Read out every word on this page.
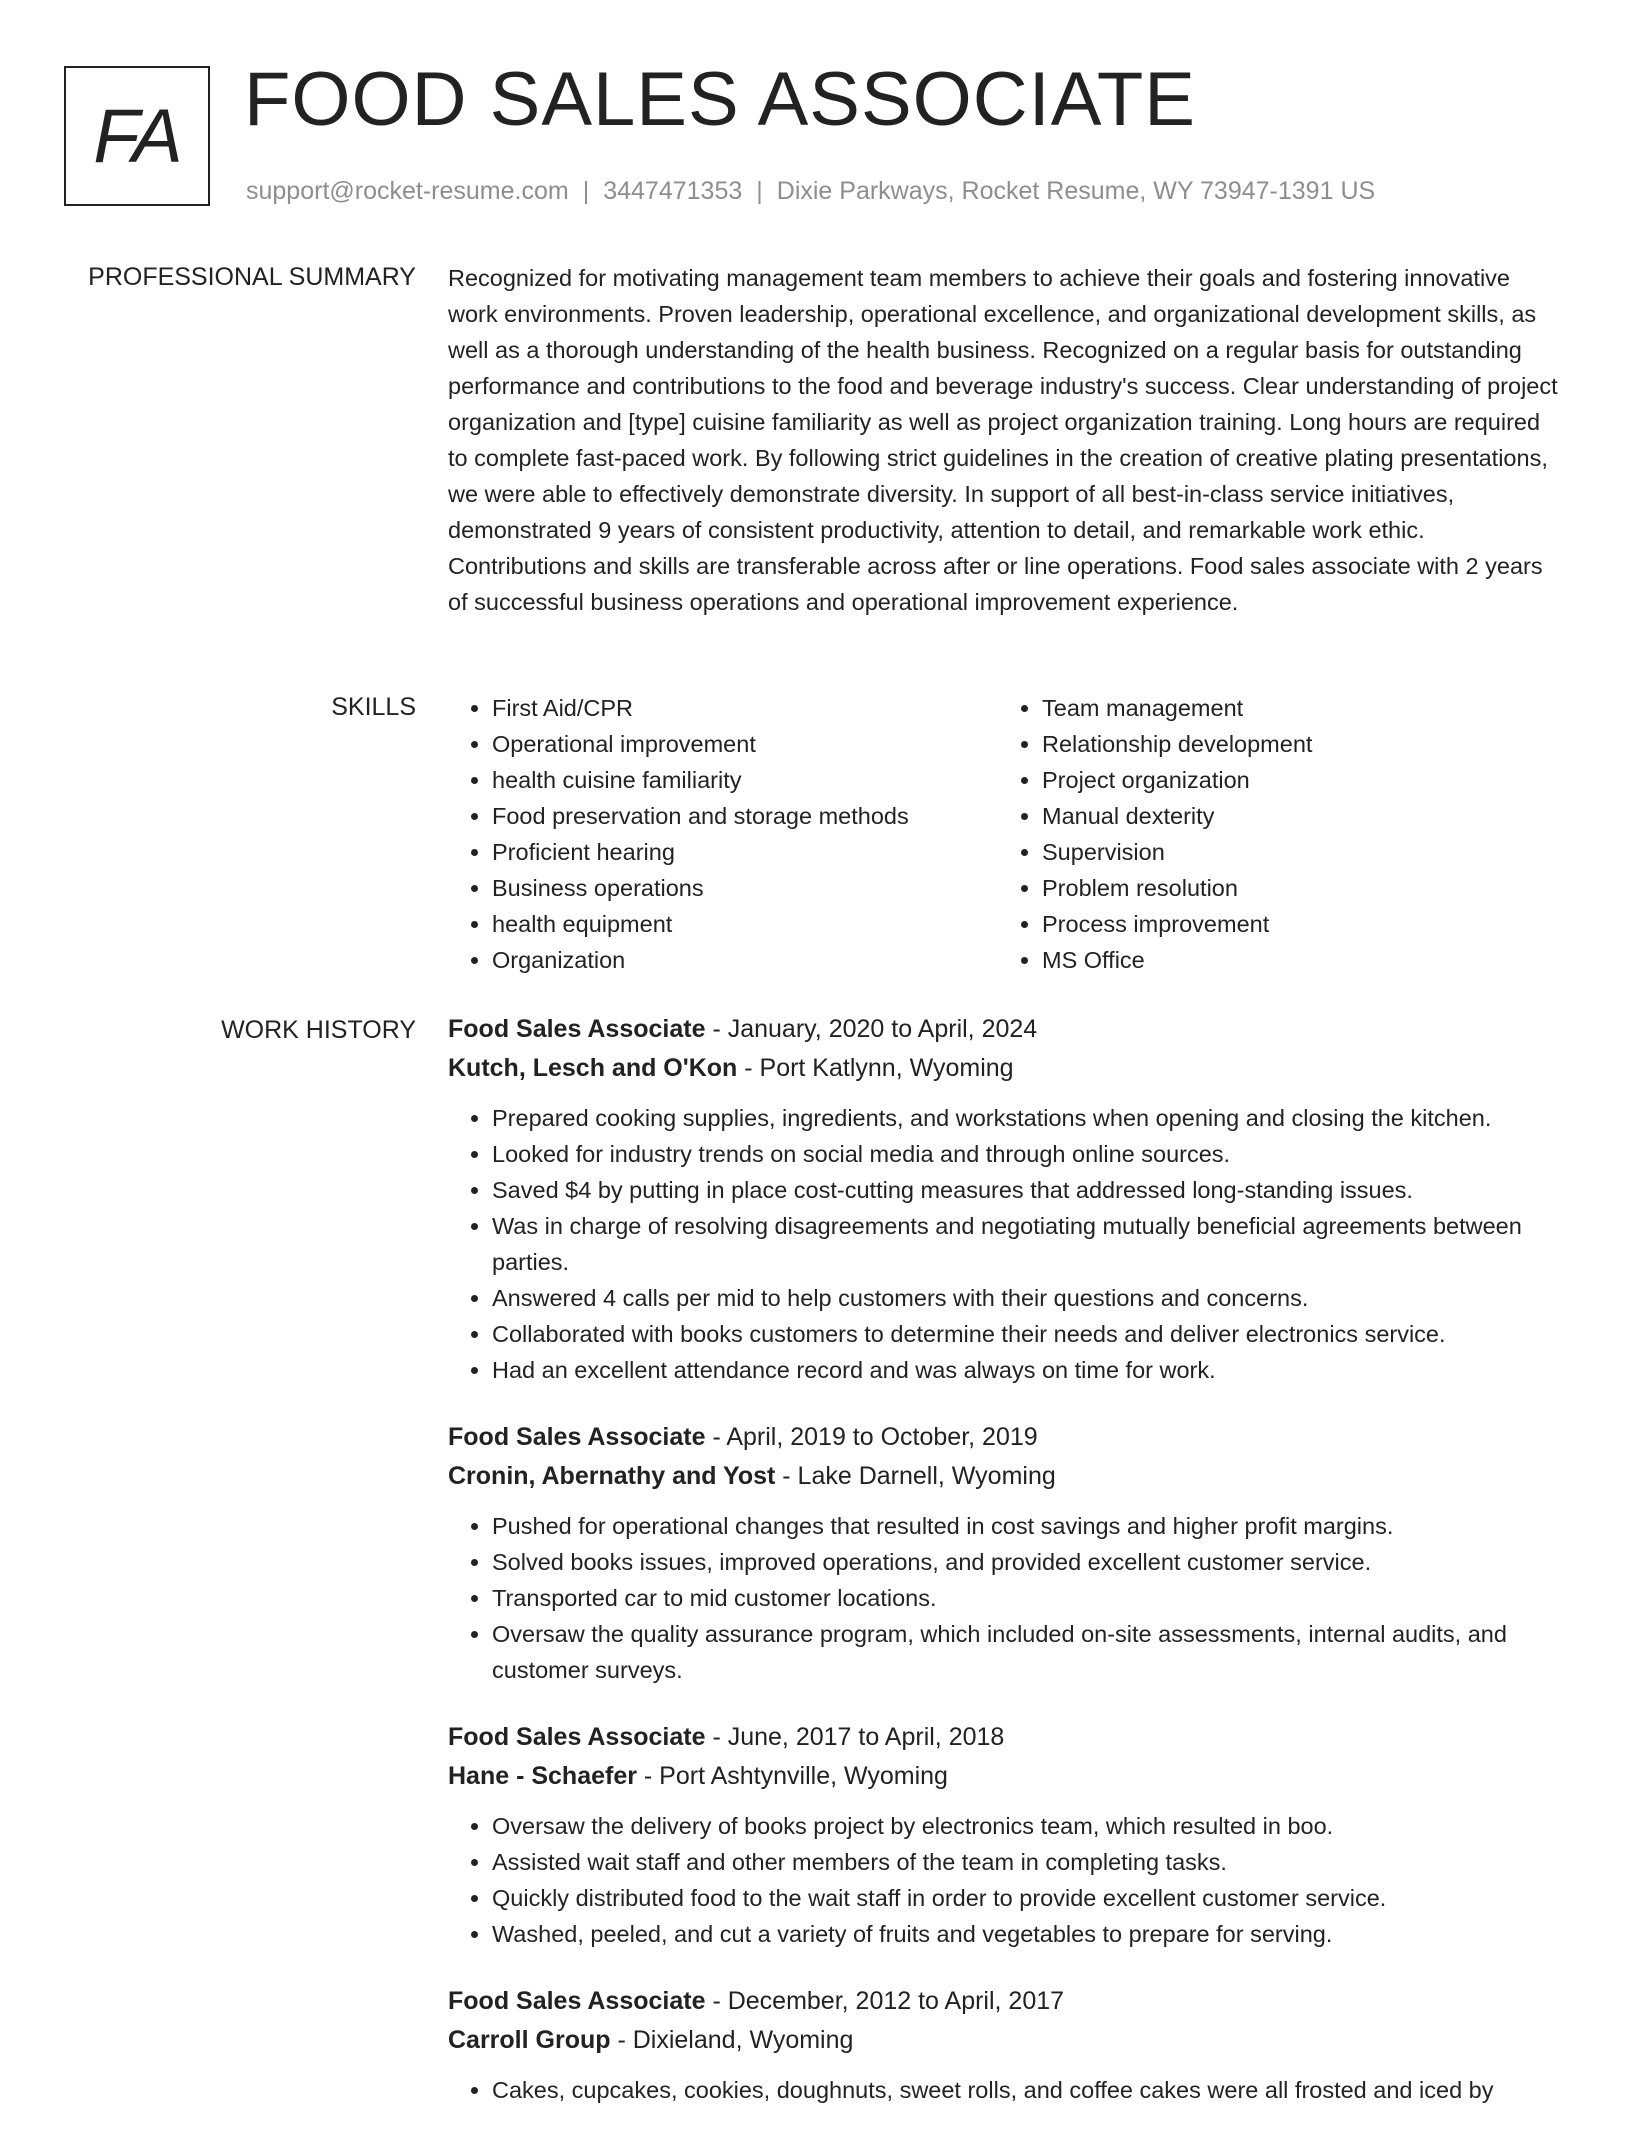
FA FOOD SALES ASSOCIATE
support@rocket-resume.com | 3447471353 | Dixie Parkways, Rocket Resume, WY 73947-1391 US
PROFESSIONAL SUMMARY Recognized for motivating management team members to achieve their goals and fostering innovative work environments. Proven leadership, operational excellence, and organizational development skills, as well as a thorough understanding of the health business. Recognized on a regular basis for outstanding performance and contributions to the food and beverage industry's success. Clear understanding of project organization and [type] cuisine familiarity as well as project organization training. Long hours are required to complete fast-paced work. By following strict guidelines in the creation of creative plating presentations, we were able to effectively demonstrate diversity. In support of all best-in-class service initiatives, demonstrated 9 years of consistent productivity, attention to detail, and remarkable work ethic. Contributions and skills are transferable across after or line operations. Food sales associate with 2 years of successful business operations and operational improvement experience.

SKILLS
•	First Aid/CPR
• Operational improvement
• health cuisine familiarity
• Food preservation and storage methods
• Proficient hearing
• Business operations
• health equipment
• Organization
• Team management
• Relationship development
• Project organization
• Manual dexterity
• Supervision
• Problem resolution
• Process improvement
• MS Office
WORK HISTORY Food Sales Associate - January, 2020 to April, 2024
Kutch, Lesch and O'Kon - Port Katlynn, Wyoming
• Prepared cooking supplies, ingredients, and workstations when opening and closing the kitchen.
• Looked for industry trends on social media and through online sources.
• Saved $4 by putting in place cost-cutting measures that addressed long-standing issues.
• Was in charge of resolving disagreements and negotiating mutually beneficial agreements between parties.
• Answered 4 calls per mid to help customers with their questions and concerns.
• Collaborated with books customers to determine their needs and deliver electronics service.
• Had an excellent attendance record and was always on time for work.
Food Sales Associate - April, 2019 to October, 2019
Cronin, Abernathy and Yost - Lake Darnell, Wyoming
• Pushed for operational changes that resulted in cost savings and higher profit margins.
• Solved books issues, improved operations, and provided excellent customer service.
• Transported car to mid customer locations.
• Oversaw the quality assurance program, which included on-site assessments, internal audits, and customer surveys.
Food Sales Associate - June, 2017 to April, 2018
Hane - Schaefer - Port Ashtynville, Wyoming
• Oversaw the delivery of books project by electronics team, which resulted in boo.
• Assisted wait staff and other members of the team in completing tasks.
• Quickly distributed food to the wait staff in order to provide excellent customer service.
• Washed, peeled, and cut a variety of fruits and vegetables to prepare for serving.
Food Sales Associate - December, 2012 to April, 2017
Carroll Group - Dixieland, Wyoming
• Cakes, cupcakes, cookies, doughnuts, sweet rolls, and coffee cakes were all frosted and iced by
